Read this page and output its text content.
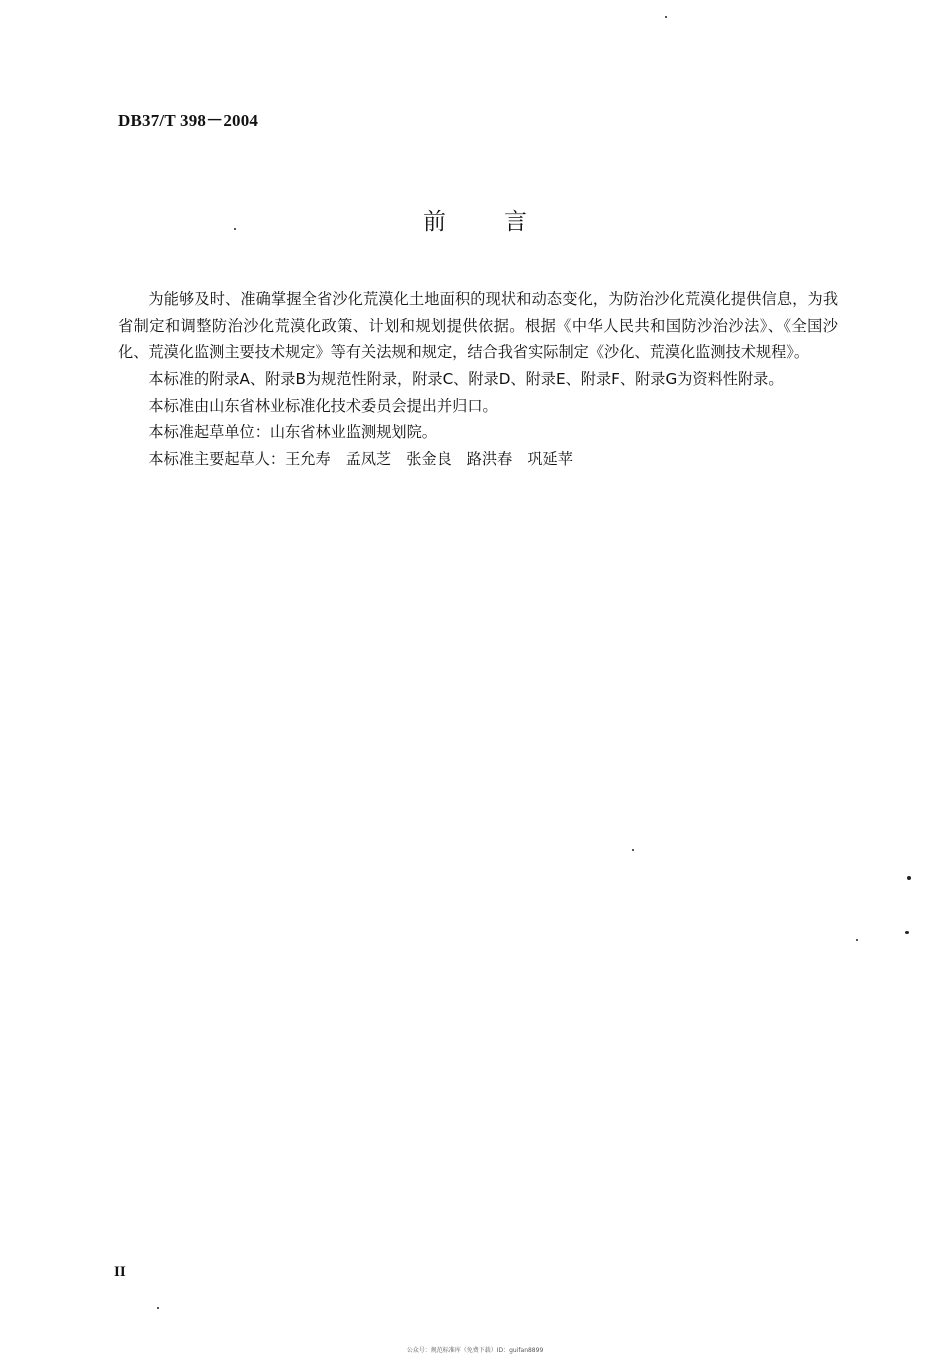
DB37/T 398－2004
前	言

为能够及时、准确掌握全省沙化荒漠化土地面积的现状和动态变化，为防治沙化荒漠化提供信息，为我省制定和调整防治沙化荒漠化政策、计划和规划提供依据。根据《中华人民共和国防沙治沙法》、《全国沙化、荒漠化监测主要技术规定》等有关法规和规定，结合我省实际制定《沙化、荒漠化监测技术规程》。

本标准的附录A、附录B为规范性附录，附录C、附录D、附录E、附录F、附录G为资料性附录。

本标准由山东省林业标准化技术委员会提出并归口。

本标准起草单位：山东省林业监测规划院。

本标准主要起草人：王允寿 孟凤芝 张金良 路洪春 巩延苹

II
公众号：规范标准库（免费下载）ID：guifan8899
